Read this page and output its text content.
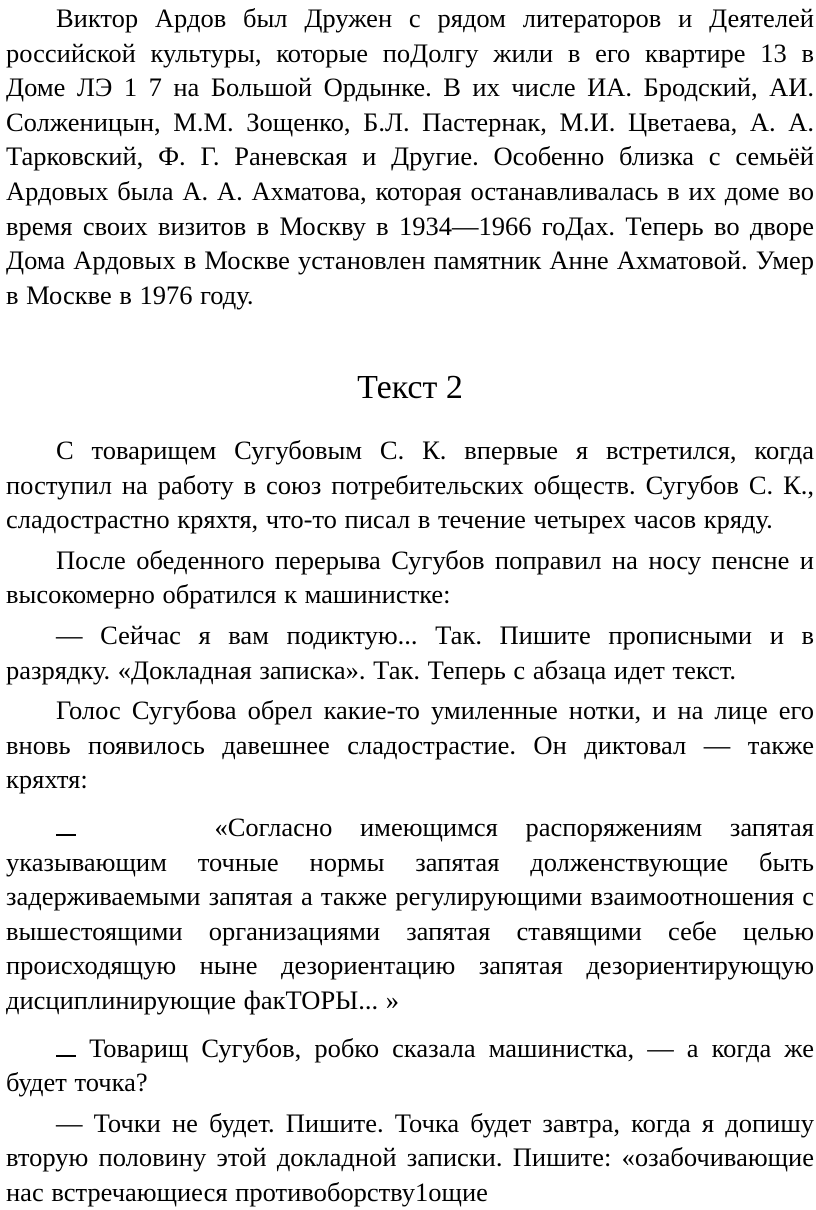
Виктор Ардов был Дружен с рядом литераторов и Деятелей российской культуры, которые поДолгу жили в его квартире 13 в Доме ЛЭ 1 7 на Большой Ордынке. В их числе ИА. Бродский, АИ. Солженицын, М.М. Зощенко, Б.Л. Пастернак, М.И. Цветаева, А. А. Тарковский, Ф. Г. Раневская и Другие. Особенно близка с семьёй Ардовых была А. А. Ахматова, которая останавливалась в их доме во время своих визитов в Москву в 1934—1966 гоДах. Теперь во дворе Дома Ардовых в Москве установлен памятник Анне Ахматовой. Умер в Москве в 1976 году.

Текст 2

С товарищем Сугубовым С. К. впервые я встретился, когда поступил на работу в союз потребительских обществ. Сугубов С. К., сладострастно кряхтя, что-то писал в течение четырех часов кряду.

После обеденного перерыва Сугубов поправил на носу пенсне и высокомерно обратился к машинистке:

— Сейчас я вам подиктую... Так. Пишите прописными и в разрядку. «Докладная записка». Так. Теперь с абзаца идет текст.

Голос Сугубова обрел какие-то умиленные нотки, и на лице его вновь появилось давешнее сладострастие. Он диктовал — также кряхтя:

«Согласно имеющимся распоряжениям запятая указывающим точные нормы запятая долженствующие быть задерживаемыми запятая а также регулирующими взаимоотношения с вышестоящими организациями запятая ставящими себе целью происходящую ныне дезориентацию запятая дезориентирующую дисциплинирующие факТОРЫ... »

Товарищ Сугубов, робко сказала машинистка, — а когда же будет точка?

— Точки не будет. Пишите. Точка будет завтра, когда я допишу вторую половину этой докладной записки. Пишите: «озабочивающие нас встречающиеся противоборству1ощие
